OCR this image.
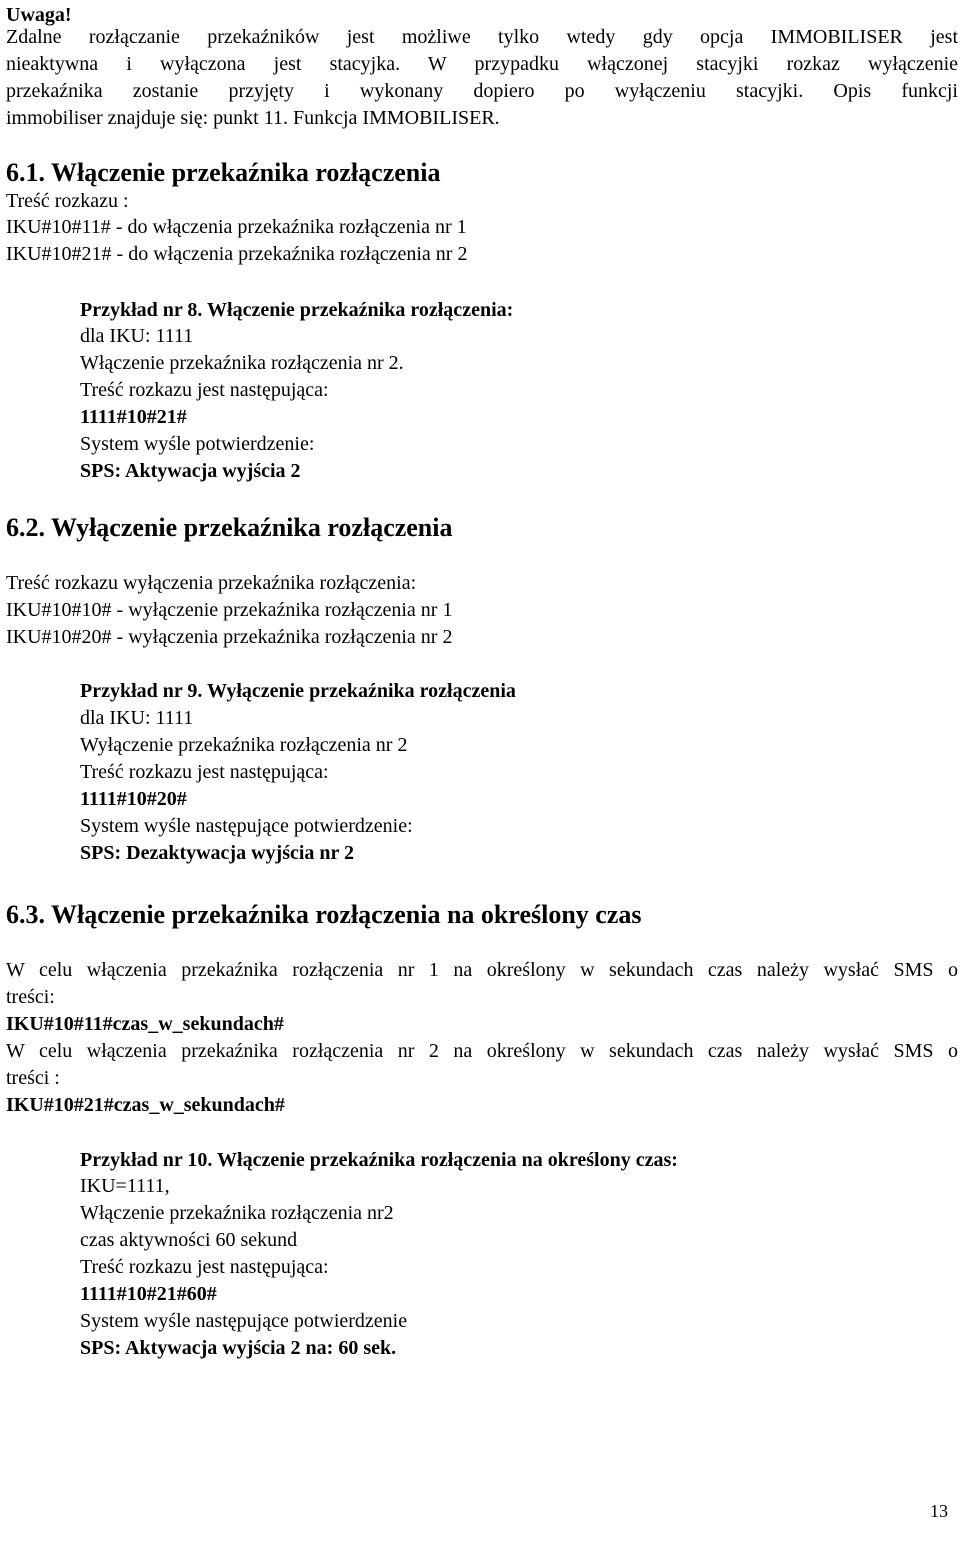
Uwaga!
Zdalne rozłączanie przekaźników jest możliwe tylko wtedy gdy opcja IMMOBILISER jest
nieaktywna i wyłączona jest stacyjka. W przypadku włączonej stacyjki rozkaz wyłączenie
przekaźnika zostanie przyjęty i wykonany dopiero po wyłączeniu stacyjki. Opis funkcji
immobiliser znajduje się: punkt 11. Funkcja IMMOBILISER.
6.1. Włączenie przekaźnika rozłączenia
Treść rozkazu :
IKU#10#11# - do włączenia przekaźnika rozłączenia nr 1
IKU#10#21# - do włączenia przekaźnika rozłączenia nr 2
Przykład nr 8. Włączenie przekaźnika rozłączenia:
dla IKU: 1111
Włączenie przekaźnika rozłączenia nr 2.
Treść rozkazu jest następująca:
1111#10#21#
System wyśle potwierdzenie:
SPS: Aktywacja wyjścia 2
6.2. Wyłączenie przekaźnika rozłączenia
Treść rozkazu wyłączenia przekaźnika rozłączenia:
IKU#10#10# - wyłączenie przekaźnika rozłączenia nr 1
IKU#10#20# - wyłączenia przekaźnika rozłączenia nr 2
Przykład nr 9. Wyłączenie przekaźnika rozłączenia
dla IKU: 1111
Wyłączenie przekaźnika rozłączenia nr 2
Treść rozkazu jest następująca:
1111#10#20#
System wyśle następujące potwierdzenie:
SPS: Dezaktywacja wyjścia nr 2
6.3. Włączenie przekaźnika rozłączenia na określony czas
W celu włączenia przekaźnika rozłączenia nr 1 na określony w sekundach czas należy wysłać SMS o
treści:
IKU#10#11#czas_w_sekundach#
W celu włączenia przekaźnika rozłączenia nr 2 na określony w sekundach czas należy wysłać SMS o
treści :
IKU#10#21#czas_w_sekundach#
Przykład nr 10. Włączenie przekaźnika rozłączenia na określony czas:
IKU=1111,
Włączenie przekaźnika rozłączenia nr2
czas aktywności 60 sekund
Treść rozkazu jest następująca:
1111#10#21#60#
System wyśle następujące potwierdzenie
SPS: Aktywacja wyjścia 2 na: 60 sek.
13
